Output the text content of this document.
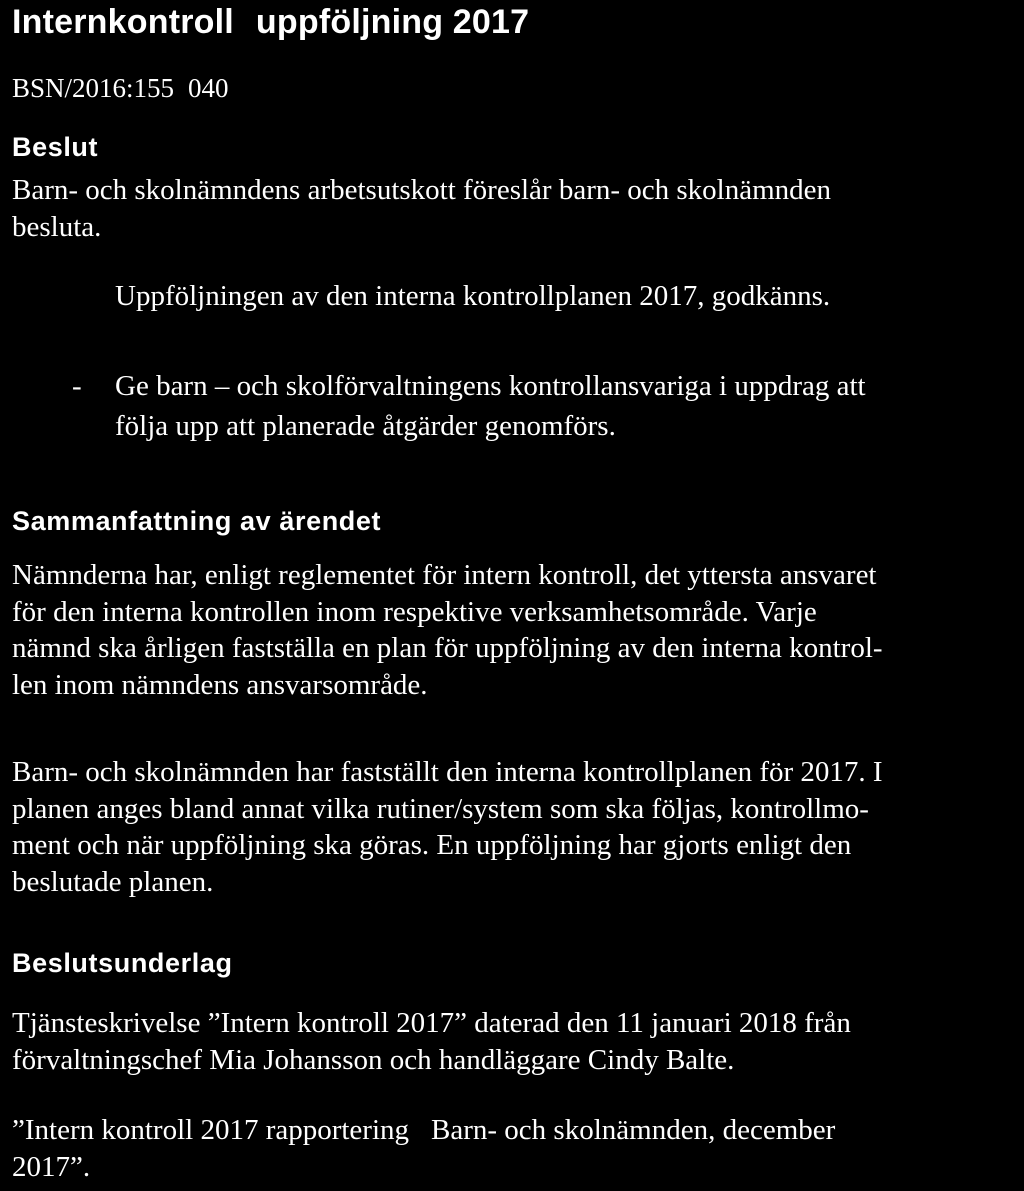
Internkontroll uppföljning 2017
BSN/2016:155 040
Beslut
Barn- och skolnämndens arbetsutskott föreslår barn- och skolnämnden
besluta.
Uppföljningen av den interna kontrollplanen 2017, godkänns.
- Ge barn – och skolförvaltningens kontrollansvariga i uppdrag att
följa upp att planerade åtgärder genomförs.
Sammanfattning av ärendet
Nämnderna har, enligt reglementet för intern kontroll, det yttersta ansvaret
för den interna kontrollen inom respektive verksamhetsområde. Varje
nämnd ska årligen fastställa en plan för uppföljning av den interna kontrol-
len inom nämndens ansvarsområde.
Barn- och skolnämnden har fastställt den interna kontrollplanen för 2017. I
planen anges bland annat vilka rutiner/system som ska följas, kontrollmo-
ment och när uppföljning ska göras. En uppföljning har gjorts enligt den
beslutade planen.
Beslutsunderlag
Tjänsteskrivelse ”Intern kontroll 2017” daterad den 11 januari 2018 från
förvaltningschef Mia Johansson och handläggare Cindy Balte.
”Intern kontroll 2017 rapportering Barn- och skolnämnden, december
2017”.
